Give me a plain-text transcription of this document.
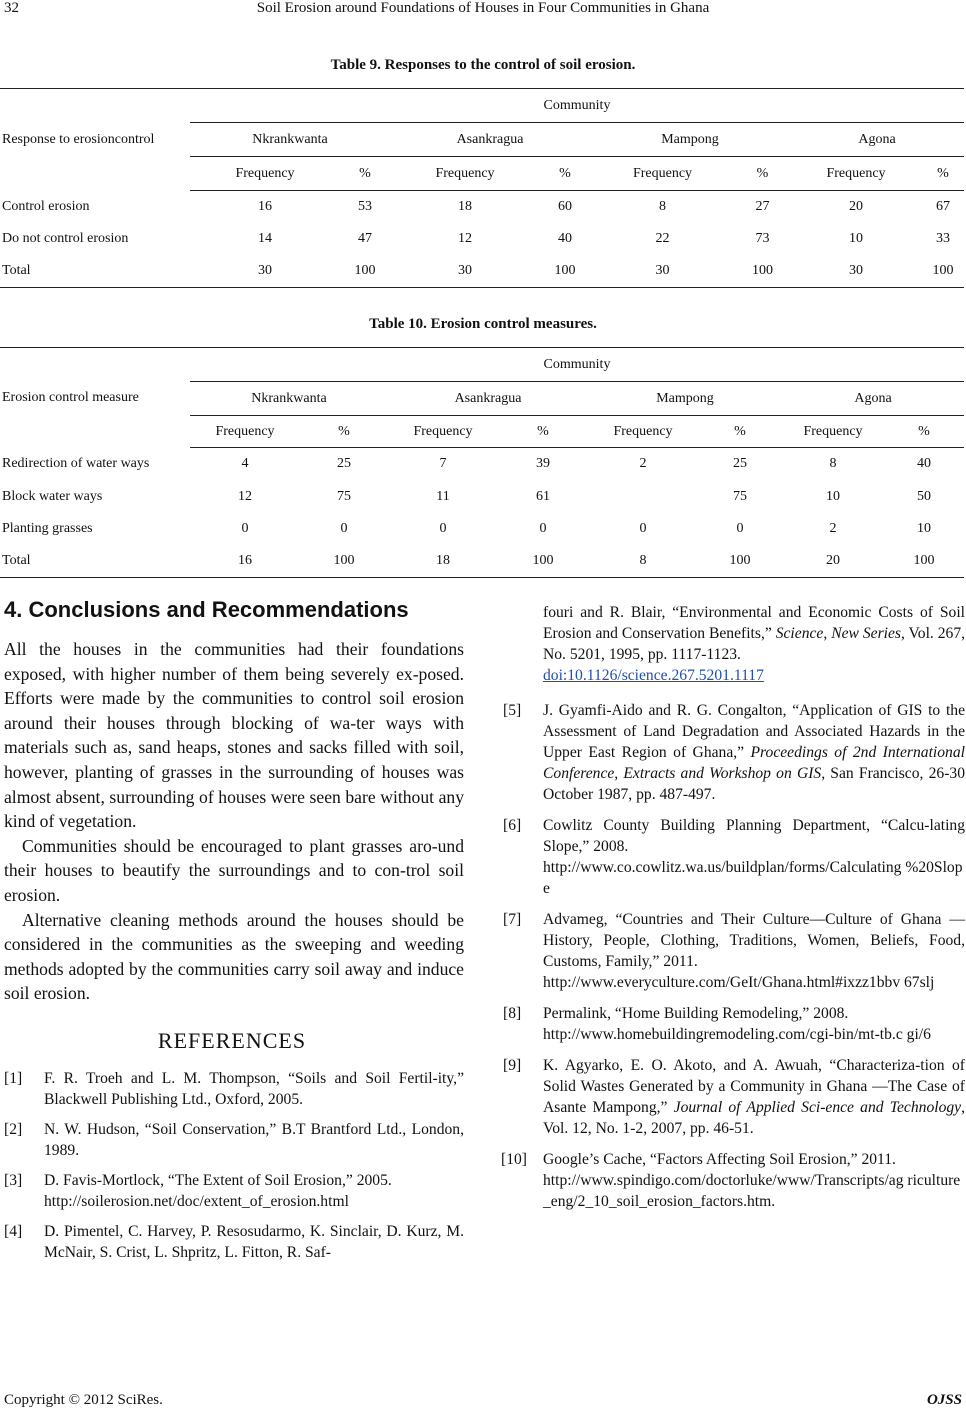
32	Soil Erosion around Foundations of Houses in Four Communities in Ghana
Table 9. Responses to the control of soil erosion.
Response to erosioncontrol	Community							
	Nkrankwanta		Asankragua		Mampong		Agona	
	Frequency	%	Frequency	%	Frequency	%	Frequency	%
Control erosion	16	53	18	60	8	27	20	67
Do not control erosion	14	47	12	40	22	73	10	33
Total	30	100	30	100	30	100	30	100
Table 10. Erosion control measures.
Erosion control measure	Community							
	Nkrankwanta		Asankragua		Mampong		Agona	
	Frequency	%	Frequency	%	Frequency	%	Frequency	%
Redirection of water ways	4	25	7	39	2	25	8	40
Block water ways	12	75	11	61		75	10	50
Planting grasses	0	0	0	0	0	0	2	10
Total	16	100	18	100	8	100	20	100
4. Conclusions and Recommendations

All the houses in the communities had their foundations exposed, with higher number of them being severely ex-posed. Efforts were made by the communities to control soil erosion around their houses through blocking of wa-ter ways with materials such as, sand heaps, stones and sacks filled with soil, however, planting of grasses in the surrounding of houses was almost absent, surrounding of houses were seen bare without any kind of vegetation.

Communities should be encouraged to plant grasses aro-und their houses to beautify the surroundings and to con-trol soil erosion.

Alternative cleaning methods around the houses should be considered in the communities as the sweeping and weeding methods adopted by the communities carry soil away and induce soil erosion.

REFERENCES
[1] F. R. Troeh and L. M. Thompson, “Soils and Soil Fertil-ity,” Blackwell Publishing Ltd., Oxford, 2005.
[2] N. W. Hudson, “Soil Conservation,” B.T Brantford Ltd., London, 1989.
[3] D. Favis-Mortlock, “The Extent of Soil Erosion,” 2005.
http://soilerosion.net/doc/extent_of_erosion.html
[4] D. Pimentel, C. Harvey, P. Resosudarmo, K. Sinclair, D. Kurz, M. McNair, S. Crist, L. Shpritz, L. Fitton, R. Saf-
fouri and R. Blair, “Environmental and Economic Costs of Soil Erosion and Conservation Benefits,” Science, New Series, Vol. 267, No. 5201, 1995, pp. 1117-1123.
doi:10.1126/science.267.5201.1117
[5] J. Gyamfi-Aido and R. G. Congalton, “Application of GIS to the Assessment of Land Degradation and Associated Hazards in the Upper East Region of Ghana,” Proceedings of 2nd International Conference, Extracts and Workshop on GIS, San Francisco, 26-30 October 1987, pp. 487-497.
[6] Cowlitz County Building Planning Department, “Calcu-lating Slope,” 2008.
http://www.co.cowlitz.wa.us/buildplan/forms/Calculating %20Slope
[7] Advameg, “Countries and Their Culture—Culture of Ghana —History, People, Clothing, Traditions, Women, Beliefs, Food, Customs, Family,” 2011.
http://www.everyculture.com/GeIt/Ghana.html#ixzz1bbv 67slj
[8] Permalink, “Home Building Remodeling,” 2008.
http://www.homebuildingremodeling.com/cgi-bin/mt-tb.c gi/6
[9] K. Agyarko, E. O. Akoto, and A. Awuah, “Characteriza-tion of Solid Wastes Generated by a Community in Ghana —The Case of Asante Mampong,” Journal of Applied Sci-ence and Technology, Vol. 12, No. 1-2, 2007, pp. 46-51.
[10] Google’s Cache, “Factors Affecting Soil Erosion,” 2011.
http://www.spindigo.com/doctorluke/www/Transcripts/ag riculture_eng/2_10_soil_erosion_factors.htm.
Copyright © 2012 SciRes.	OJSS
